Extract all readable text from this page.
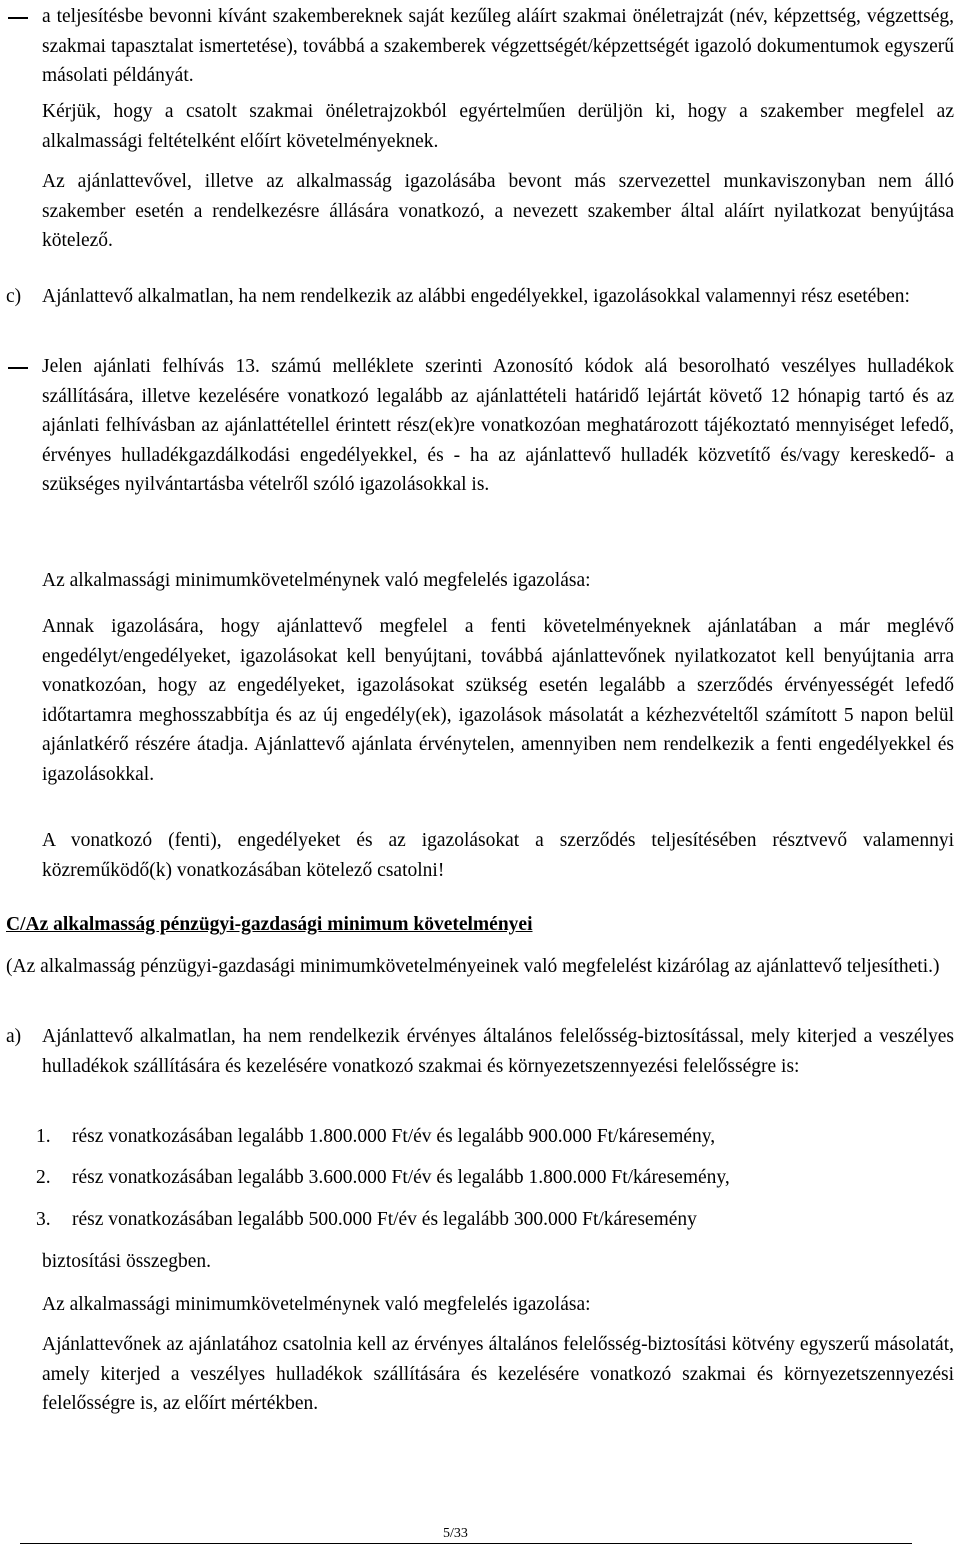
a teljesítésbe bevonni kívánt szakembereknek saját kezűleg aláírt szakmai önéletrajzát (név, képzettség, végzettség, szakmai tapasztalat ismertetése), továbbá a szakemberek végzettségét/képzettségét igazoló dokumentumok egyszerű másolati példányát.

Kérjük, hogy a csatolt szakmai önéletrajzokból egyértelműen derüljön ki, hogy a szakember megfelel az alkalmassági feltételként előírt követelményeknek.

Az ajánlattevővel, illetve az alkalmasság igazolásába bevont más szervezettel munkaviszonyban nem álló szakember esetén a rendelkezésre állására vonatkozó, a nevezett szakember által aláírt nyilatkozat benyújtása kötelező.

c) Ajánlattevő alkalmatlan, ha nem rendelkezik az alábbi engedélyekkel, igazolásokkal valamennyi rész esetében:

Jelen ajánlati felhívás 13. számú melléklete szerinti Azonosító kódok alá besorolható veszélyes hulladékok szállítására, illetve kezelésére vonatkozó legalább az ajánlattételi határidő lejártát követő 12 hónapig tartó és az ajánlati felhívásban az ajánlattétellel érintett rész(ek)re vonatkozóan meghatározott tájékoztató mennyiséget lefedő, érvényes hulladékgazdálkodási engedélyekkel, és - ha az ajánlattevő hulladék közvetítő és/vagy kereskedő- a szükséges nyilvántartásba vételről szóló igazolásokkal is.

Az alkalmassági minimumkövetelménynek való megfelelés igazolása:

Annak igazolására, hogy ajánlattevő megfelel a fenti követelményeknek ajánlatában a már meglévő engedélyt/engedélyeket, igazolásokat kell benyújtani, továbbá ajánlattevőnek nyilatkozatot kell benyújtania arra vonatkozóan, hogy az engedélyeket, igazolásokat szükség esetén legalább a szerződés érvényességét lefedő időtartamra meghosszabbítja és az új engedély(ek), igazolások másolatát a kézhezvételtől számított 5 napon belül ajánlatkérő részére átadja. Ajánlattevő ajánlata érvénytelen, amennyiben nem rendelkezik a fenti engedélyekkel és igazolásokkal.

A vonatkozó (fenti), engedélyeket és az igazolásokat a szerződés teljesítésében résztvevő valamennyi közreműködő(k) vonatkozásában kötelező csatolni!

C/Az alkalmasság pénzügyi-gazdasági minimum követelményei

(Az alkalmasság pénzügyi-gazdasági minimumkövetelményeinek való megfelelést kizárólag az ajánlattevő teljesítheti.)

a) Ajánlattevő alkalmatlan, ha nem rendelkezik érvényes általános felelősség-biztosítással, mely kiterjed a veszélyes hulladékok szállítására és kezelésére vonatkozó szakmai és környezetszennyezési felelősségre is:

1. rész vonatkozásában legalább 1.800.000 Ft/év és legalább 900.000 Ft/káresemény,
2. rész vonatkozásában legalább 3.600.000 Ft/év és legalább 1.800.000 Ft/káresemény,
3. rész vonatkozásában legalább 500.000 Ft/év és legalább 300.000 Ft/káresemény
biztosítási összegben.

Az alkalmassági minimumkövetelménynek való megfelelés igazolása:

Ajánlattevőnek az ajánlatához csatolnia kell az érvényes általános felelősség-biztosítási kötvény egyszerű másolatát, amely kiterjed a veszélyes hulladékok szállítására és kezelésére vonatkozó szakmai és környezetszennyezési felelősségre is, az előírt mértékben.

5/33
